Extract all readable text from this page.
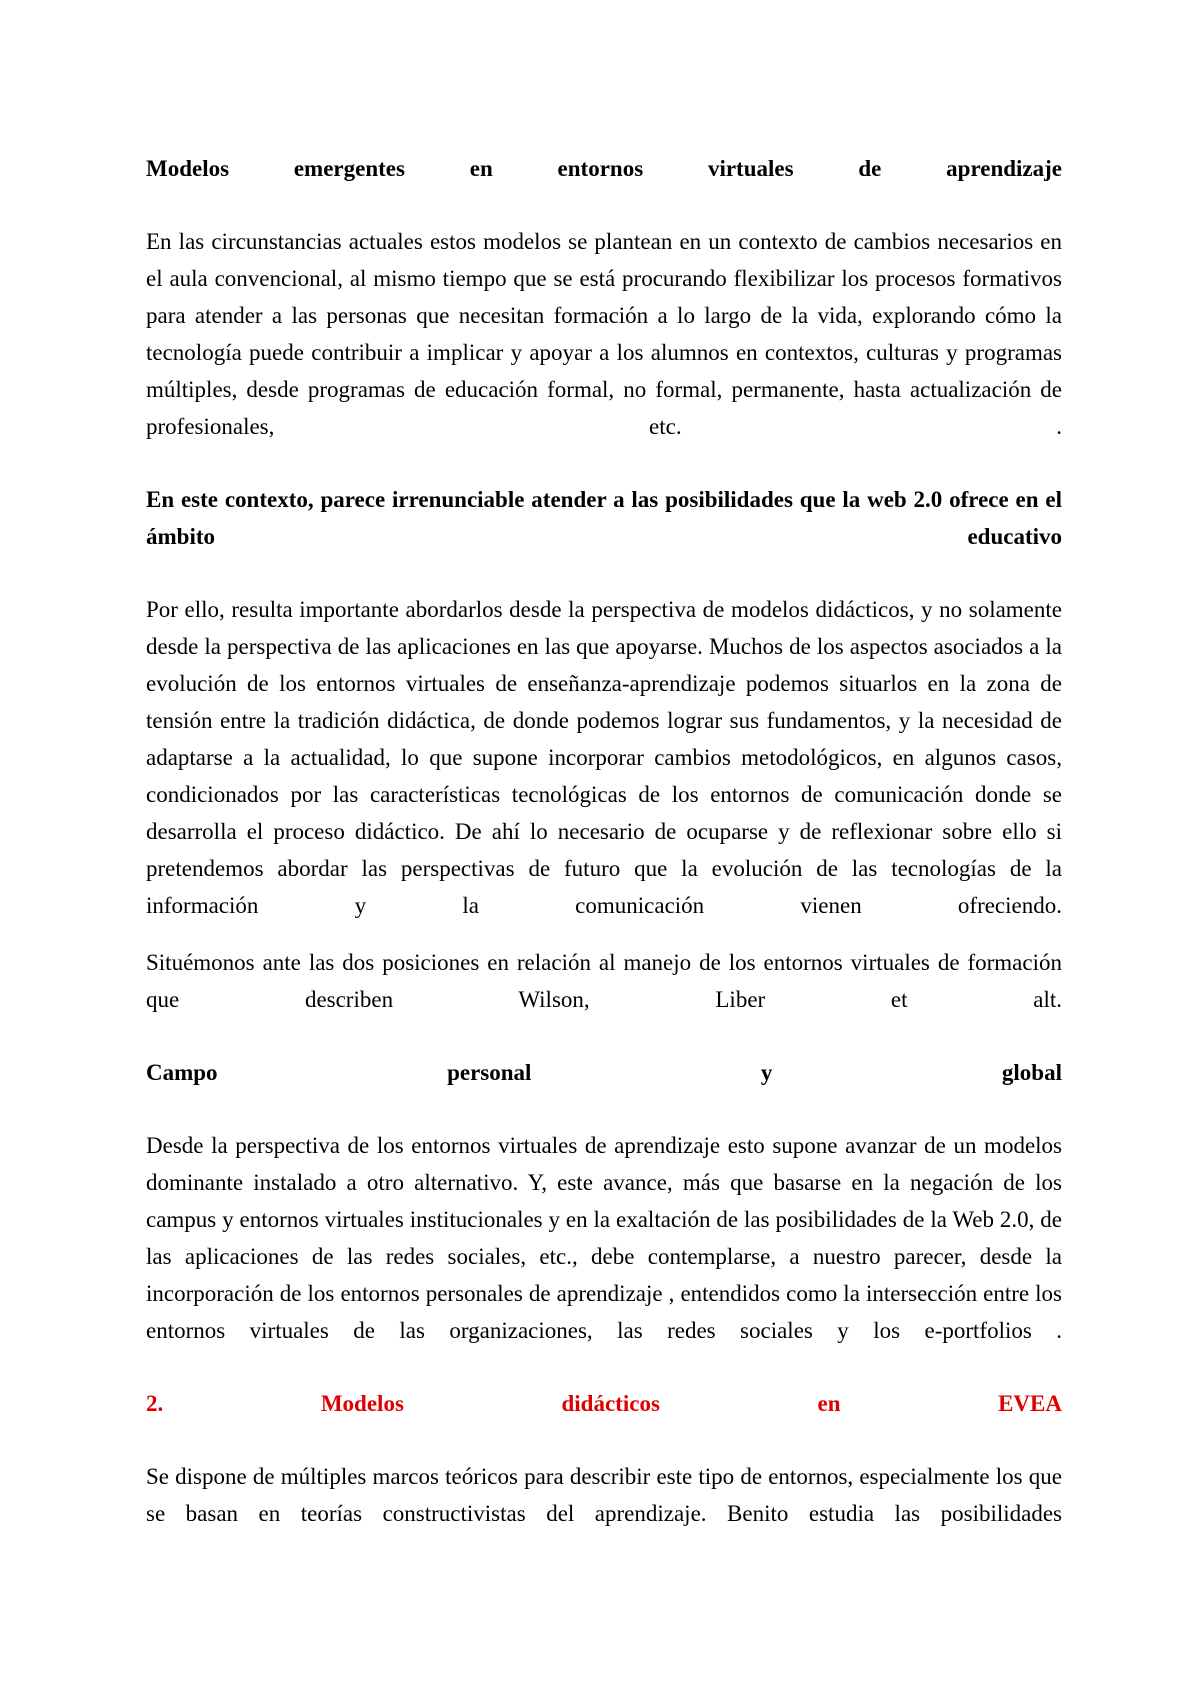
Modelos emergentes en entornos virtuales de aprendizaje

En las circunstancias actuales estos modelos se plantean en un contexto de cambios necesarios en el aula convencional, al mismo tiempo que se está procurando flexibilizar los procesos formativos para atender a las personas que necesitan formación a lo largo de la vida, explorando cómo la tecnología puede contribuir a implicar y apoyar a los alumnos en contextos, culturas y programas múltiples, desde programas de educación formal, no formal, permanente, hasta actualización de profesionales, etc. .

En este contexto, parece irrenunciable atender a las posibilidades que la web 2.0 ofrece en el ámbito educativo

Por ello, resulta importante abordarlos desde la perspectiva de modelos didácticos, y no solamente desde la perspectiva de las aplicaciones en las que apoyarse. Muchos de los aspectos asociados a la evolución de los entornos virtuales de enseñanza-aprendizaje podemos situarlos en la zona de tensión entre la tradición didáctica, de donde podemos lograr sus fundamentos, y la necesidad de adaptarse a la actualidad, lo que supone incorporar cambios metodológicos, en algunos casos, condicionados por las características tecnológicas de los entornos de comunicación donde se desarrolla el proceso didáctico. De ahí lo necesario de ocuparse y de reflexionar sobre ello si pretendemos abordar las perspectivas de futuro que la evolución de las tecnologías de la información y la comunicación vienen ofreciendo.

Situémonos ante las dos posiciones en relación al manejo de los entornos virtuales de formación que describen Wilson, Liber et alt.

Campo personal y global

Desde la perspectiva de los entornos virtuales de aprendizaje esto supone avanzar de un modelos dominante instalado a otro alternativo. Y, este avance, más que basarse en la negación de los campus y entornos virtuales institucionales y en la exaltación de las posibilidades de la Web 2.0, de las aplicaciones de las redes sociales, etc., debe contemplarse, a nuestro parecer, desde la incorporación de los entornos personales de aprendizaje , entendidos como la intersección entre los entornos virtuales de las organizaciones, las redes sociales y los e-portfolios .

2. Modelos didácticos en EVEA

Se dispone de múltiples marcos teóricos para describir este tipo de entornos, especialmente los que se basan en teorías constructivistas del aprendizaje. Benito estudia las posibilidades
